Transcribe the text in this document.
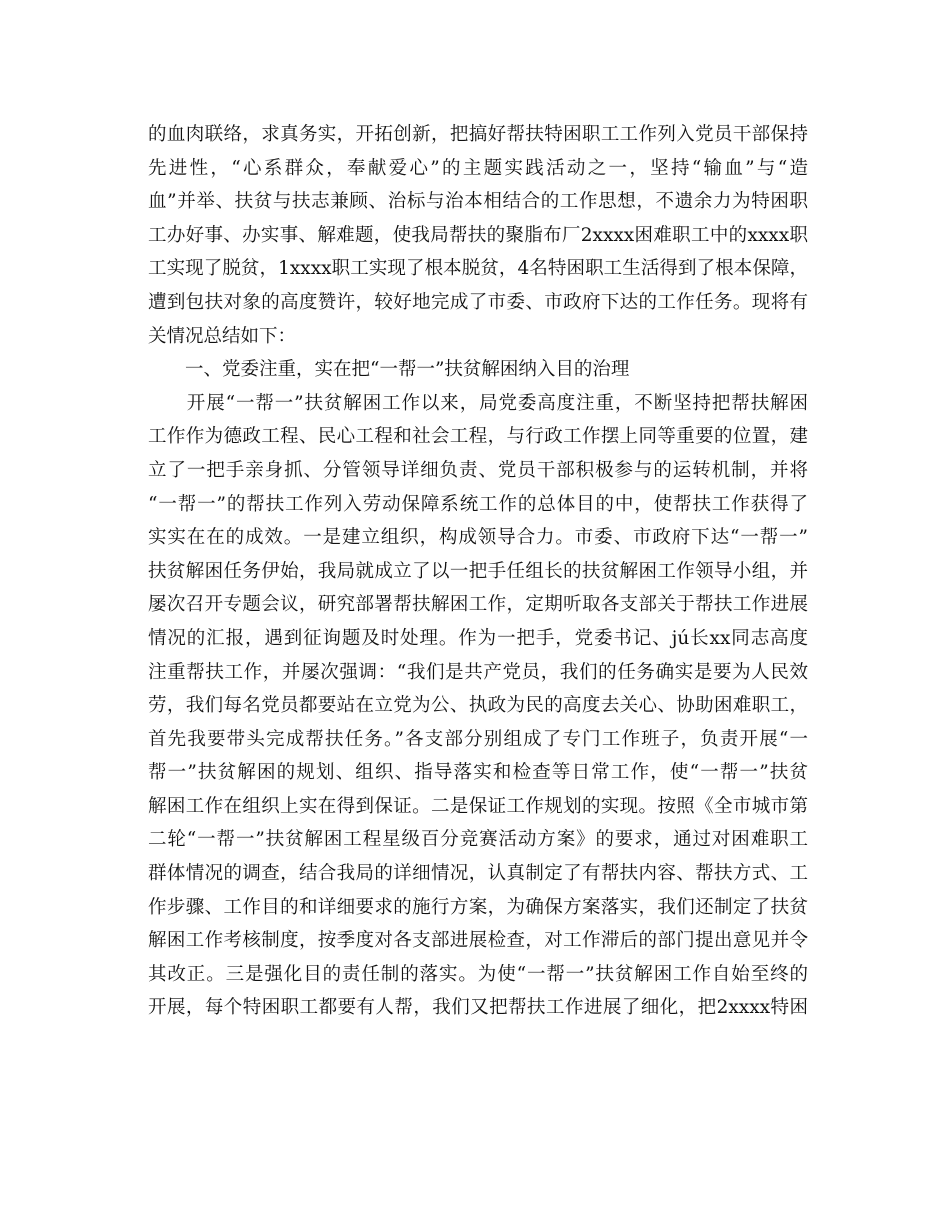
的血肉联络，求真务实，开拓创新，把搞好帮扶特困职工工作列入党员干部保持
先进性，“心系群众，奉献爱心”的主题实践活动之一，坚持“输血”与“造
血”并举、扶贫与扶志兼顾、治标与治本相结合的工作思想，不遗余力为特困职
工办好事、办实事、解难题，使我局帮扶的聚脂布厂2xxxx困难职工中的xxxx职
工实现了脱贫，1xxxx职工实现了根本脱贫，4名特困职工生活得到了根本保障，
遭到包扶对象的高度赞许，较好地完成了市委、市政府下达的工作任务。现将有
关情况总结如下：
　　一、党委注重，实在把“一帮一”扶贫解困纳入目的治理
　　开展“一帮一”扶贫解困工作以来，局党委高度注重，不断坚持把帮扶解困
工作作为德政工程、民心工程和社会工程，与行政工作摆上同等重要的位置，建
立了一把手亲身抓、分管领导详细负责、党员干部积极参与的运转机制，并将
“一帮一”的帮扶工作列入劳动保障系统工作的总体目的中，使帮扶工作获得了
实实在在的成效。一是建立组织，构成领导合力。市委、市政府下达“一帮一”
扶贫解困任务伊始，我局就成立了以一把手任组长的扶贫解困工作领导小组，并
屡次召开专题会议，研究部署帮扶解困工作，定期听取各支部关于帮扶工作进展
情况的汇报，遇到征询题及时处理。作为一把手，党委书记、jú长xx同志高度
注重帮扶工作，并屡次强调：“我们是共产党员，我们的任务确实是要为人民效
劳，我们每名党员都要站在立党为公、执政为民的高度去关心、协助困难职工，
首先我要带头完成帮扶任务。”各支部分别组成了专门工作班子，负责开展“一
帮一”扶贫解困的规划、组织、指导落实和检查等日常工作，使“一帮一”扶贫
解困工作在组织上实在得到保证。二是保证工作规划的实现。按照《全市城市第
二轮“一帮一”扶贫解困工程星级百分竞赛活动方案》的要求，通过对困难职工
群体情况的调查，结合我局的详细情况，认真制定了有帮扶内容、帮扶方式、工
作步骤、工作目的和详细要求的施行方案，为确保方案落实，我们还制定了扶贫
解困工作考核制度，按季度对各支部进展检查，对工作滞后的部门提出意见并令
其改正。三是强化目的责任制的落实。为使“一帮一”扶贫解困工作自始至终的
开展，每个特困职工都要有人帮，我们又把帮扶工作进展了细化，把2xxxx特困
